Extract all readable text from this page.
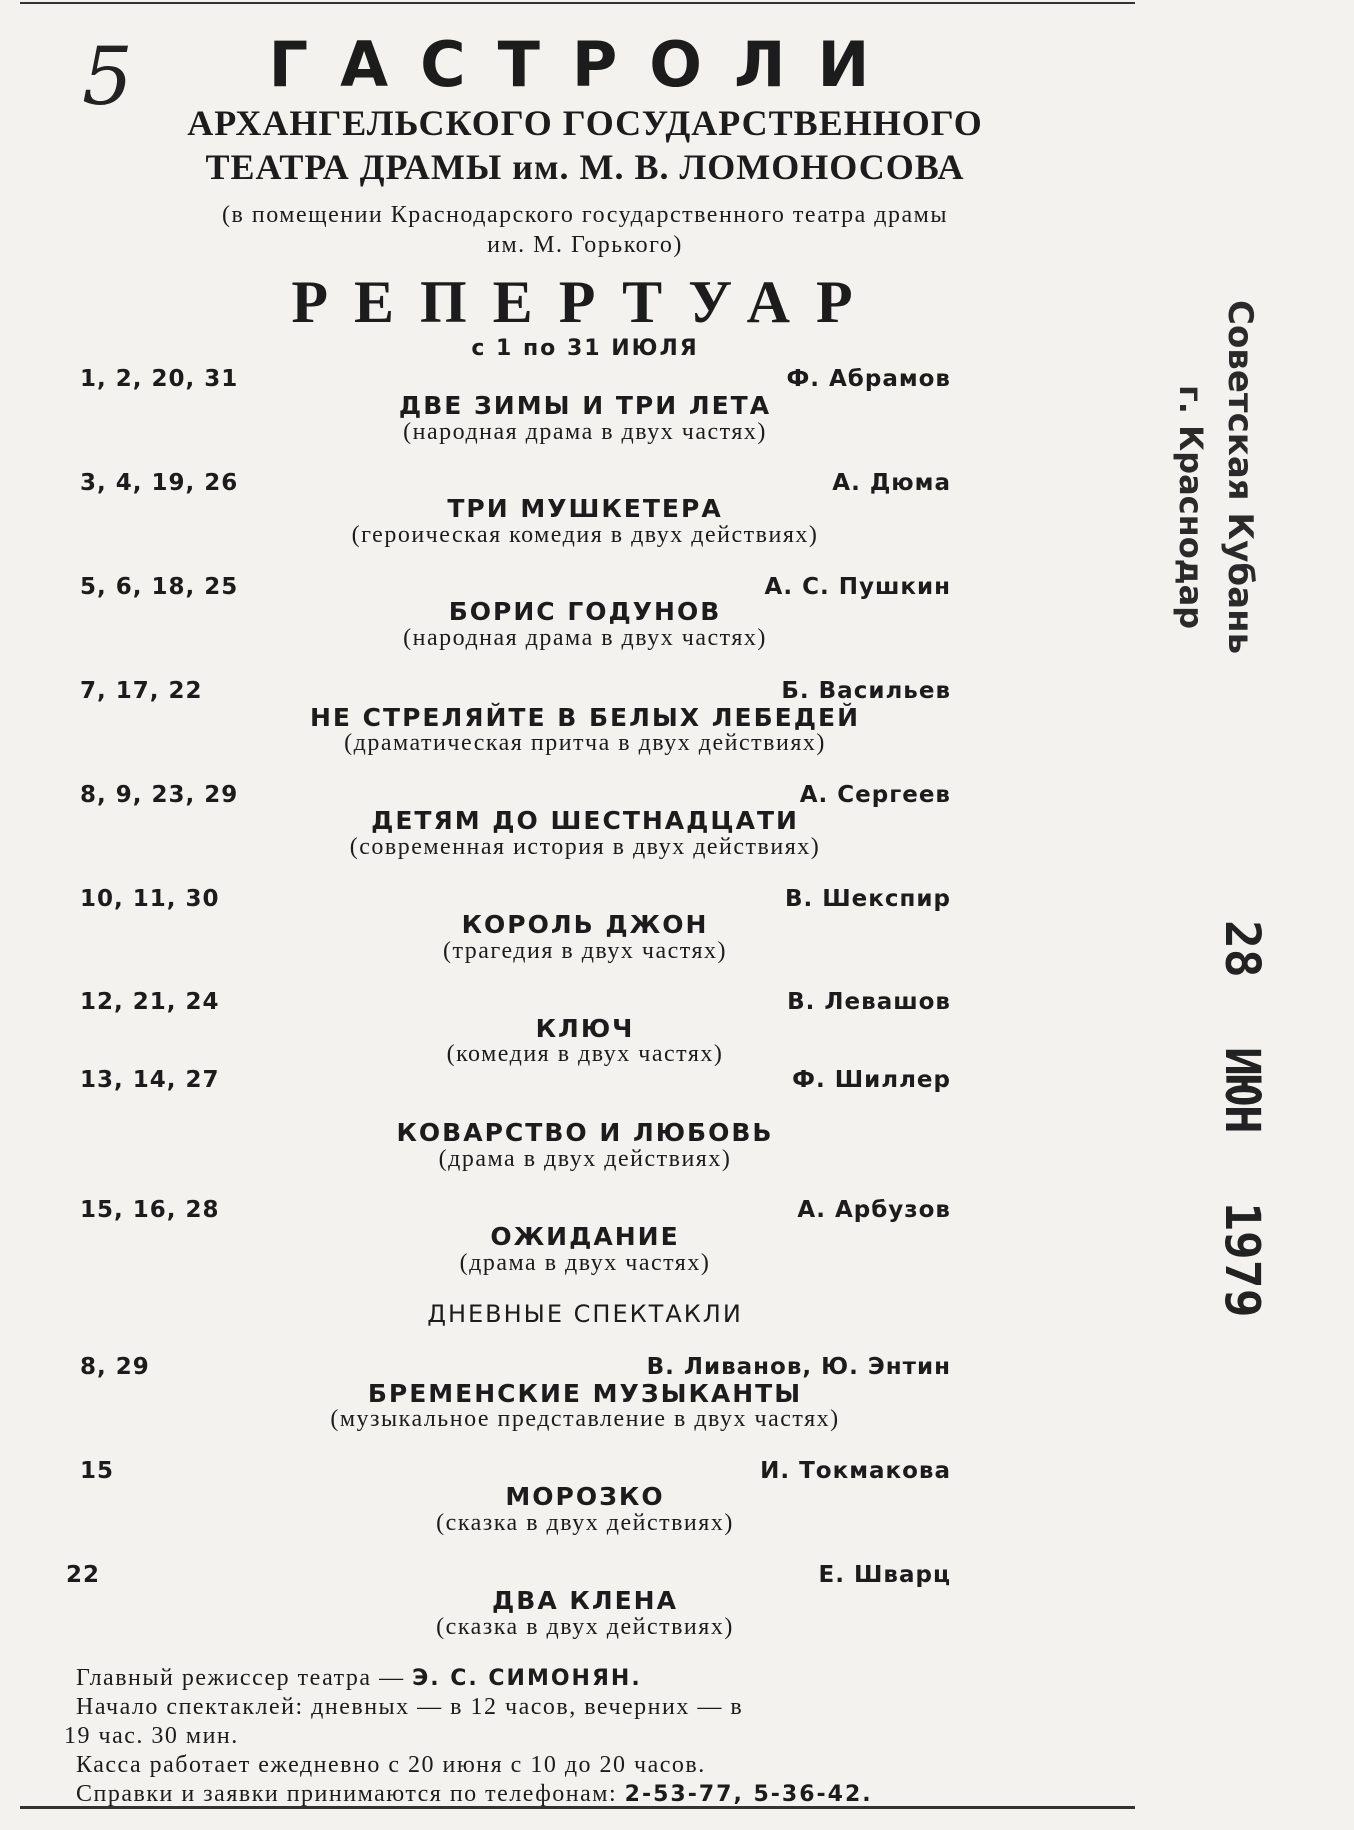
5	ГАСТРОЛИ
АРХАНГЕЛЬСКОГО ГОСУДАРСТВЕННОГО
ТЕАТРА ДРАМЫ им. М. В. ЛОМОНОСОВА
(в помещении Краснодарского государственного театра драмы
им. М. Горького)
РЕПЕРТУАР
с 1 по 31 ИЮЛЯ
1, 2, 20, 31	Ф. Абрамов
ДВЕ ЗИМЫ И ТРИ ЛЕТА
(народная драма в двух частях)
3, 4, 19, 26	А. Дюма
ТРИ МУШКЕТЕРА
(героическая комедия в двух действиях)
5, 6, 18, 25	А. С. Пушкин
БОРИС ГОДУНОВ
(народная драма в двух частях)
7, 17, 22	Б. Васильев
НЕ СТРЕЛЯЙТЕ В БЕЛЫХ ЛЕБЕДЕЙ
(драматическая притча в двух действиях)
8, 9, 23, 29	А. Сергеев
ДЕТЯМ ДО ШЕСТНАДЦАТИ
(современная история в двух действиях)
10, 11, 30	В. Шекспир
КОРОЛЬ ДЖОН
(трагедия в двух частях)
12, 21, 24	В. Левашов
КЛЮЧ
(комедия в двух частях)
13, 14, 27	Ф. Шиллер
КОВАРСТВО И ЛЮБОВЬ
(драма в двух действиях)
15, 16, 28	А. Арбузов
ОЖИДАНИЕ
(драма в двух частях)
ДНЕВНЫЕ СПЕКТАКЛИ
8, 29	В. Ливанов, Ю. Энтин
БРЕМЕНСКИЕ МУЗЫКАНТЫ
(музыкальное представление в двух частях)
15	И. Токмакова
МОРОЗКО
(сказка в двух действиях)
22	Е. Шварц
ДВА КЛЕНА
(сказка в двух действиях)
Главный режиссер театра — Э. С. СИМОНЯН.
Начало спектаклей: дневных — в 12 часов, вечерних — в
19 час. 30 мин.
Касса работает ежедневно с 20 июня с 10 до 20 часов.
Справки и заявки принимаются по телефонам: 2-53-77, 5-36-42.
Советская Кубань
г. Краснодар
28 ИЮН 1979
